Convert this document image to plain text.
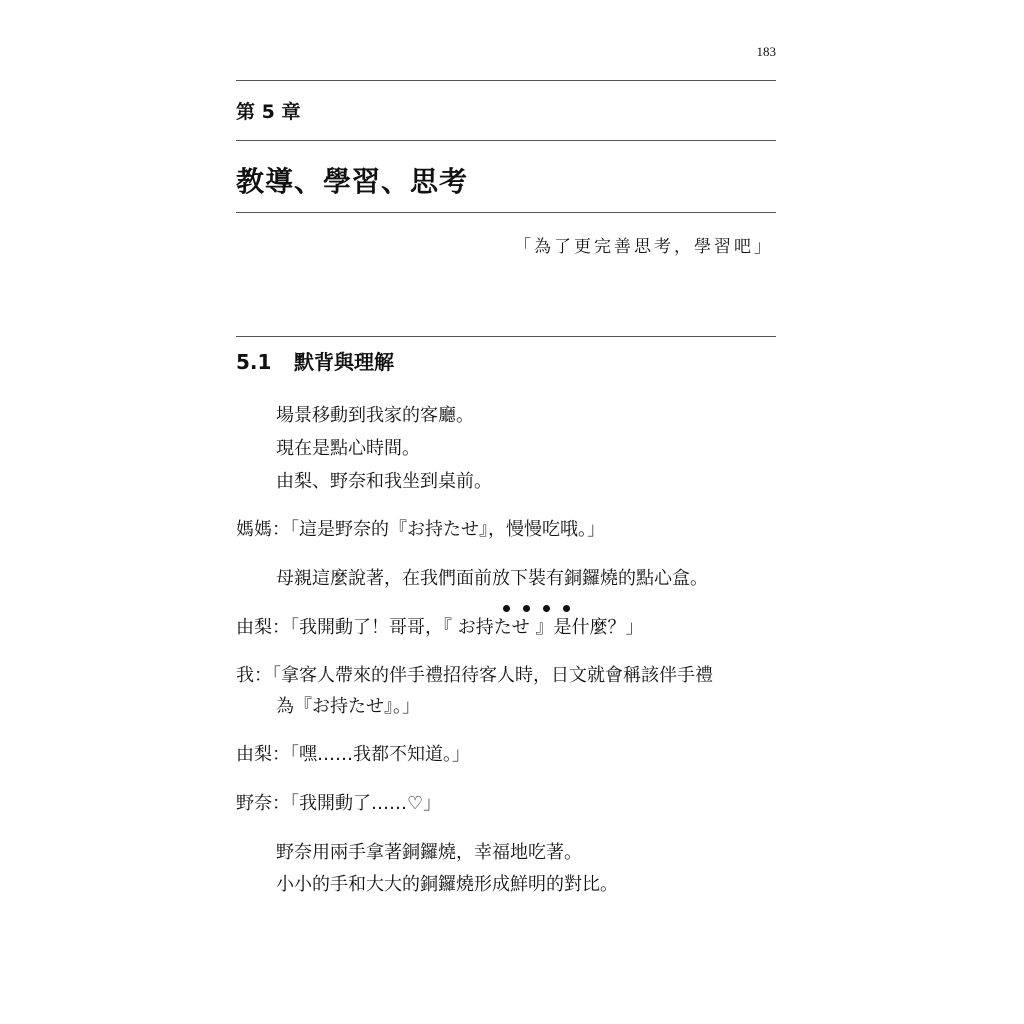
183
第 5 章
教導、學習、思考
「為了更完善思考，學習吧」
5.1 默背與理解
場景移動到我家的客廳。
現在是點心時間。
由梨、野奈和我坐到桌前。
媽媽：「這是野奈的『お持たせ』，慢慢吃哦。」
母親這麼說著，在我們面前放下裝有銅鑼燒的點心盒。
由梨：「我開動了！哥哥，『 お持たせ 』是什麼？」
我：「拿客人帶來的伴手禮招待客人時，日文就會稱該伴手禮
為『お持たせ』。」
由梨：「嘿……我都不知道。」
野奈：「我開動了……♡」
野奈用兩手拿著銅鑼燒，幸福地吃著。
小小的手和大大的銅鑼燒形成鮮明的對比。
